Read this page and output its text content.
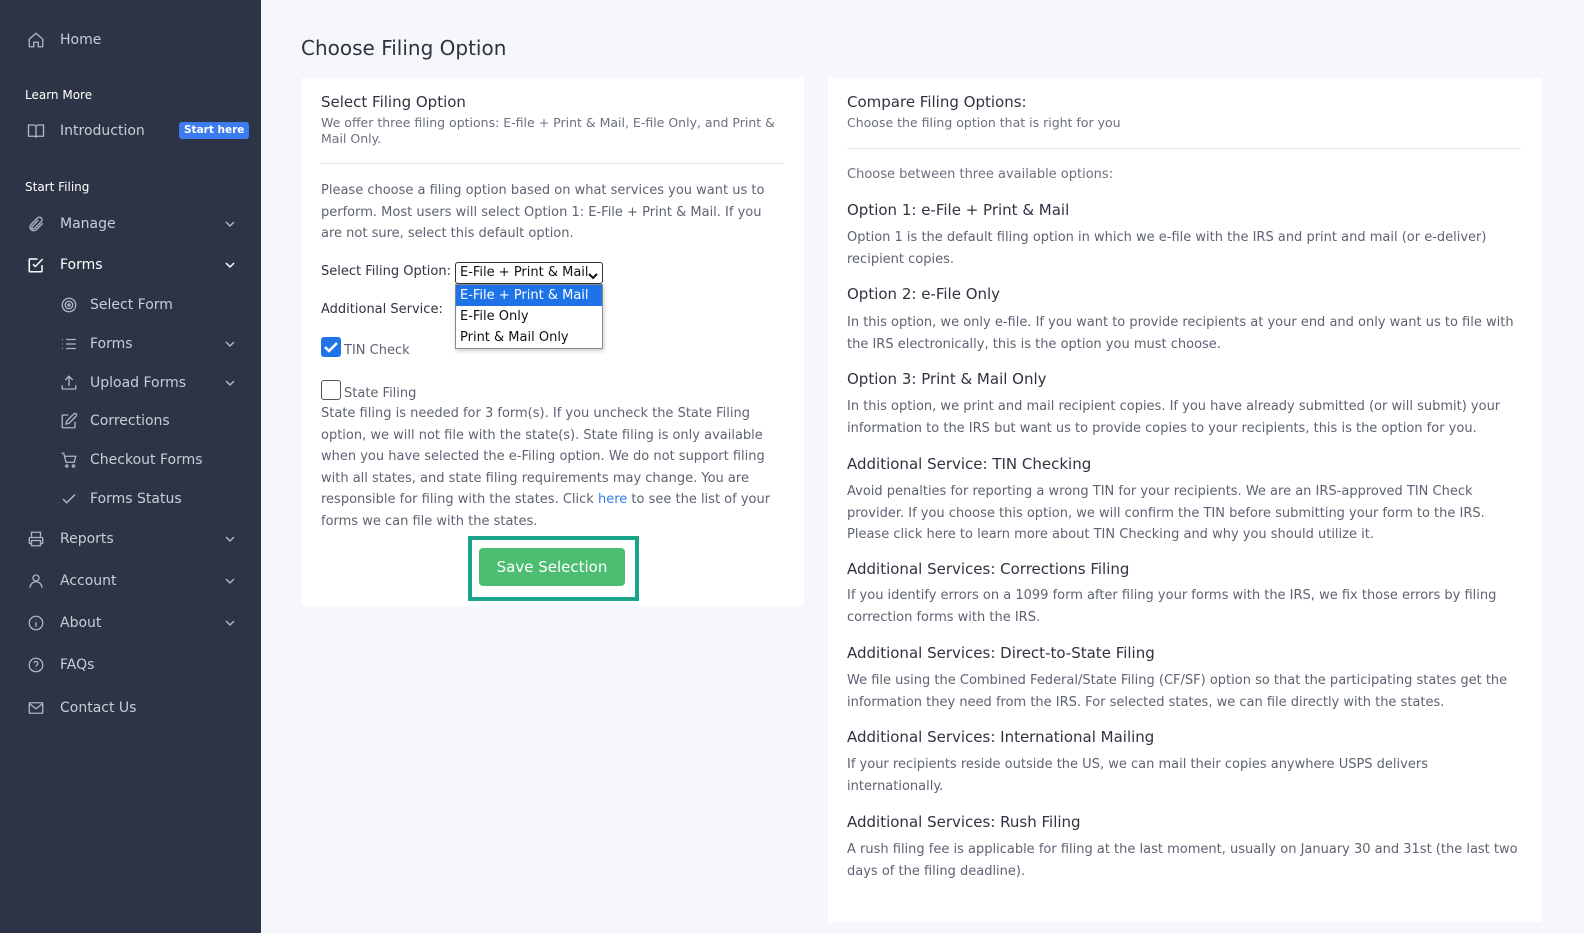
Home
Learn More
Introduction	Start here
Start Filing
Manage
Forms
Select Form
Forms
Upload Forms
Corrections
Checkout Forms
Forms Status
Reports
Account
About
FAQs
Contact Us
Choose Filing Option
Select Filing Option
We offer three filing options: E-file + Print & Mail, E-file Only, and Print & Mail Only.

Please choose a filing option based on what services you want us to perform. Most users will select Option 1: E-File + Print & Mail. If you are not sure, select this default option.

Select Filing Option: E-File + Print & Mail
E-File + Print & Mail
E-File Only
Print & Mail Only
Additional Service:
TIN Check
State Filing

State filing is needed for 3 form(s). If you uncheck the State Filing option, we will not file with the state(s). State filing is only available when you have selected the e-Filing option. We do not support filing with all states, and state filing requirements may change. You are responsible for filing with the states. Click here to see the list of your forms we can file with the states.

Save Selection
Compare Filing Options:
Choose the filing option that is right for you
Choose between three available options:
Option 1: e-File + Print & Mail

Option 1 is the default filing option in which we e-file with the IRS and print and mail (or e-deliver) recipient copies.

Option 2: e-File Only

In this option, we only e-file. If you want to provide recipients at your end and only want us to file with the IRS electronically, this is the option you must choose.

Option 3: Print & Mail Only

In this option, we print and mail recipient copies. If you have already submitted (or will submit) your information to the IRS but want us to provide copies to your recipients, this is the option for you.

Additional Service: TIN Checking

Avoid penalties for reporting a wrong TIN for your recipients. We are an IRS-approved TIN Check provider. If you choose this option, we will confirm the TIN before submitting your form to the IRS. Please click here to learn more about TIN Checking and why you should utilize it.

Additional Services: Corrections Filing

If you identify errors on a 1099 form after filing your forms with the IRS, we fix those errors by filing correction forms with the IRS.

Additional Services: Direct-to-State Filing

We file using the Combined Federal/State Filing (CF/SF) option so that the participating states get the information they need from the IRS. For selected states, we can file directly with the states.

Additional Services: International Mailing

If your recipients reside outside the US, we can mail their copies anywhere USPS delivers internationally.

Additional Services: Rush Filing

A rush filing fee is applicable for filing at the last moment, usually on January 30 and 31st (the last two days of the filing deadline).
